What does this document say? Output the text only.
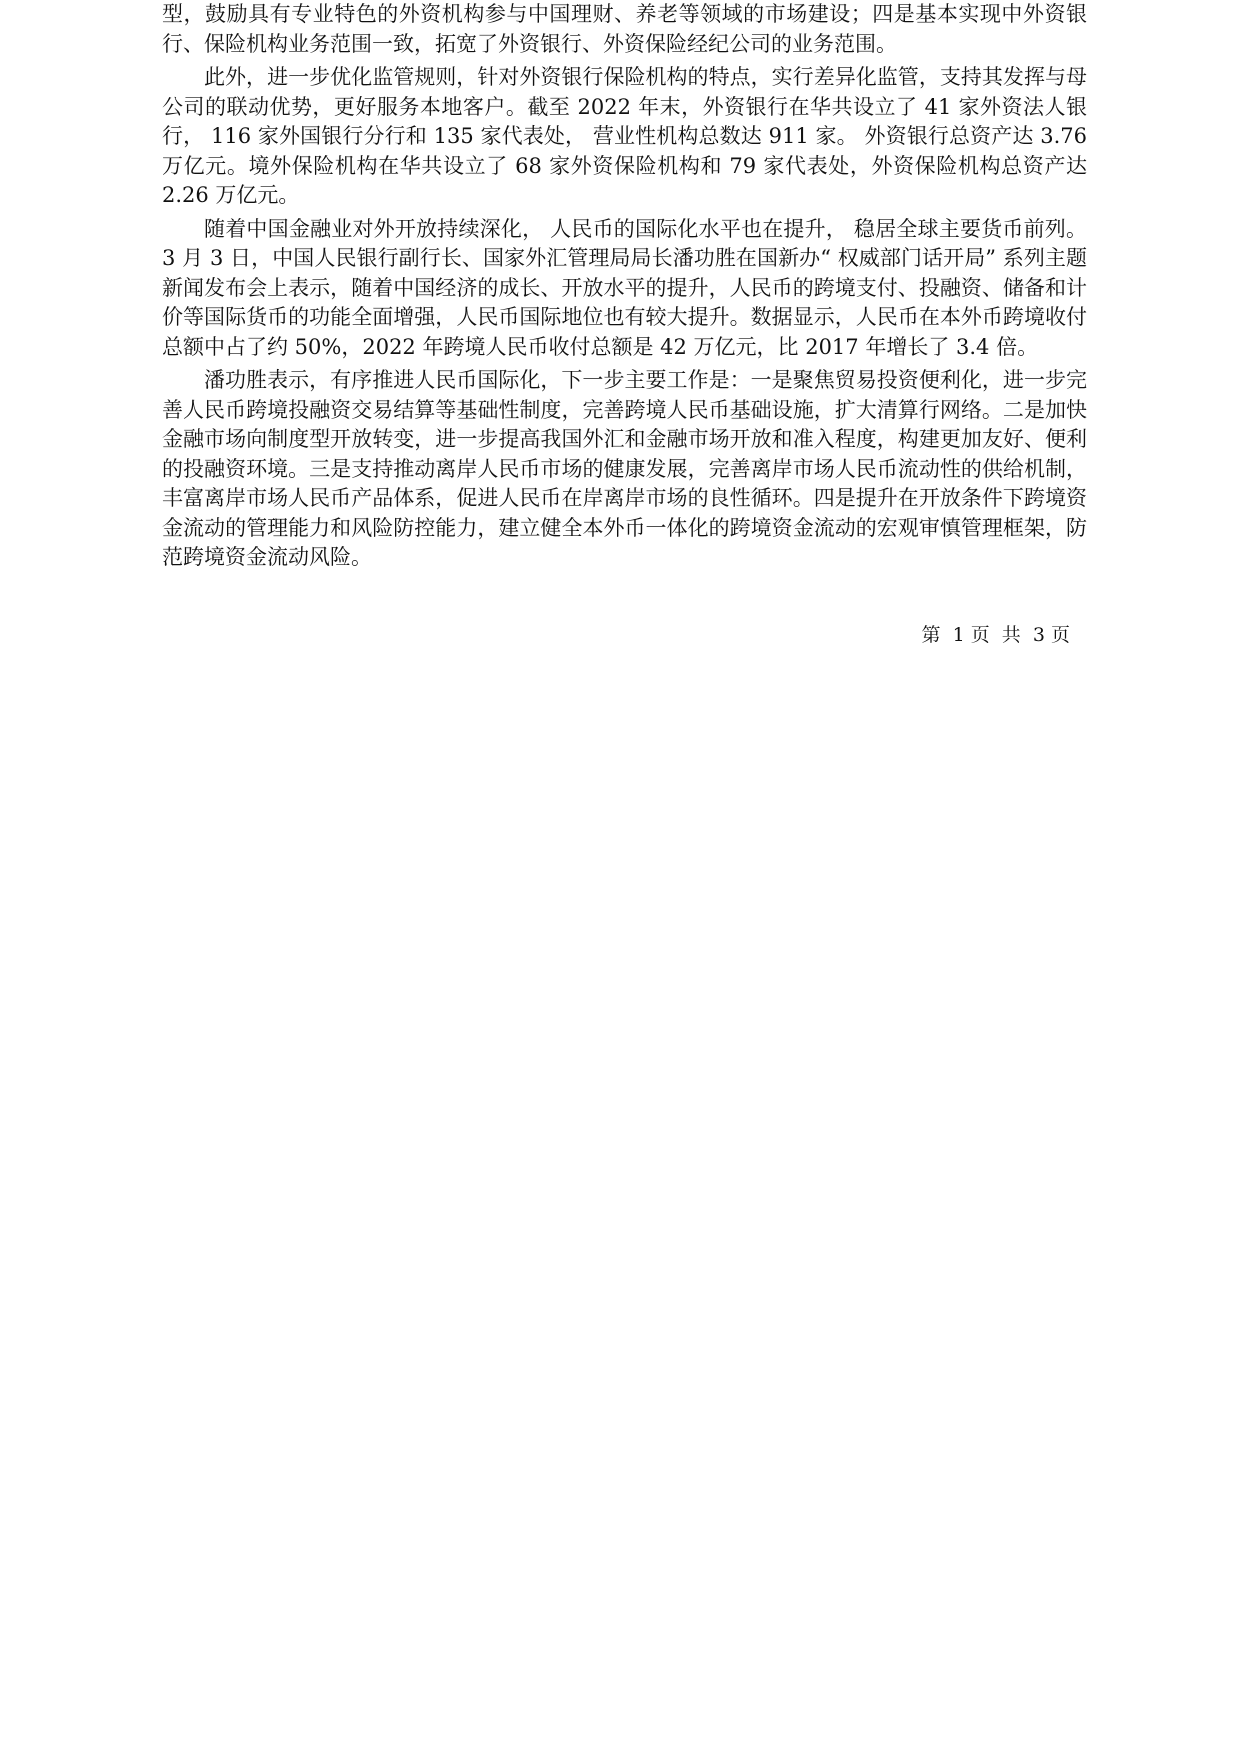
型，鼓励具有专业特色的外资机构参与中国理财、养老等领域的市场建设；四是基本实现中外资银行、保险机构业务范围一致，拓宽了外资银行、外资保险经纪公司的业务范围。

此外，进一步优化监管规则，针对外资银行保险机构的特点，实行差异化监管，支持其发挥与母公司的联动优势，更好服务本地客户。截至 2022 年末，外资银行在华共设立了 41 家外资法人银行， 116 家外国银行分行和 135 家代表处， 营业性机构总数达 911 家。 外资银行总资产达 3.76 万亿元。境外保险机构在华共设立了 68 家外资保险机构和 79 家代表处，外资保险机构总资产达 2.26 万亿元。

随着中国金融业对外开放持续深化， 人民币的国际化水平也在提升， 稳居全球主要货币前列。3 月 3 日，中国人民银行副行长、国家外汇管理局局长潘功胜在国新办“ 权威部门话开局” 系列主题新闻发布会上表示，随着中国经济的成长、开放水平的提升，人民币的跨境支付、投融资、储备和计价等国际货币的功能全面增强，人民币国际地位也有较大提升。数据显示，人民币在本外币跨境收付总额中占了约 50%，2022 年跨境人民币收付总额是 42 万亿元，比 2017 年增长了 3.4 倍。

潘功胜表示，有序推进人民币国际化，下一步主要工作是：一是聚焦贸易投资便利化，进一步完善人民币跨境投融资交易结算等基础性制度，完善跨境人民币基础设施，扩大清算行网络。二是加快金融市场向制度型开放转变，进一步提高我国外汇和金融市场开放和准入程度，构建更加友好、便利的投融资环境。三是支持推动离岸人民币市场的健康发展，完善离岸市场人民币流动性的供给机制，丰富离岸市场人民币产品体系，促进人民币在岸离岸市场的良性循环。四是提升在开放条件下跨境资金流动的管理能力和风险防控能力，建立健全本外币一体化的跨境资金流动的宏观审慎管理框架，防范跨境资金流动风险。

第  1 页  共  3 页
